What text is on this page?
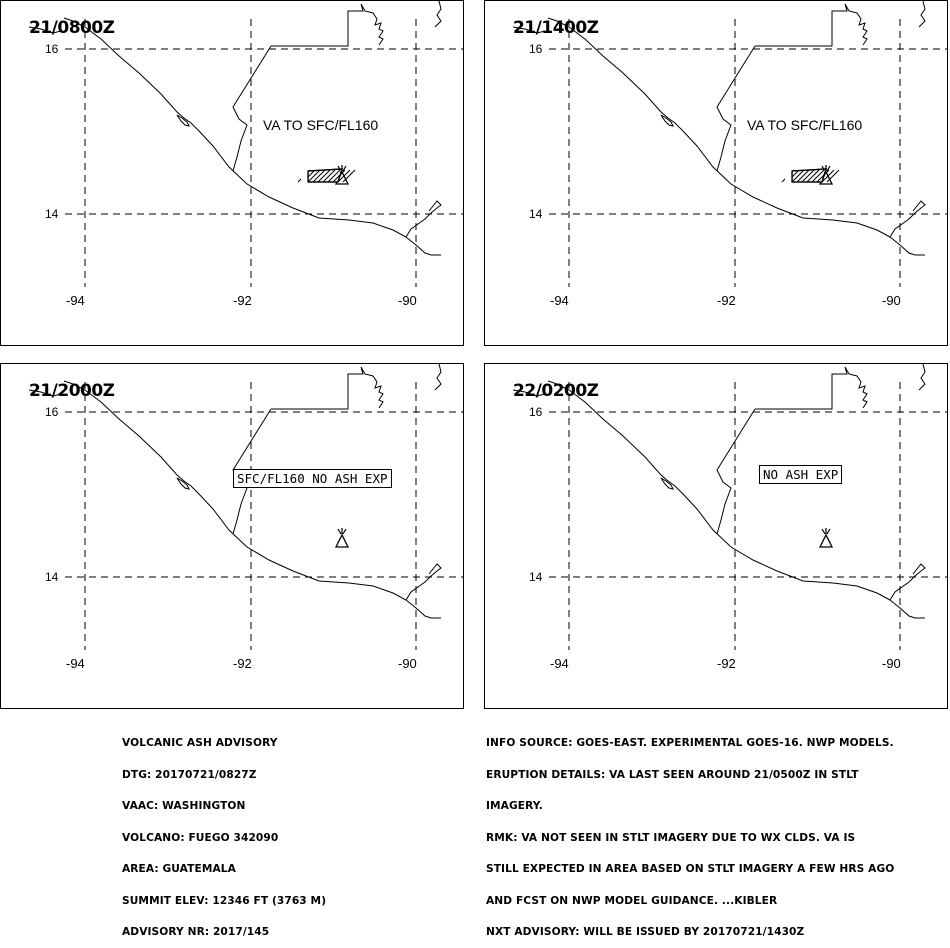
21/0800Z
16
14
-94	-92	-90
VA TO SFC/FL160
21/1400Z
16
14
-94	-92	-90
VA TO SFC/FL160
21/2000Z
16
14
-94	-92	-90
SFC/FL160 NO ASH EXP
22/0200Z
16
14
-94	-92	-90
NO ASH EXP

VOLCANIC ASH ADVISORY

DTG: 20170721/0827Z

VAAC: WASHINGTON

VOLCANO: FUEGO 342090

AREA: GUATEMALA

SUMMIT ELEV: 12346 FT (3763 M)

ADVISORY NR: 2017/145

INFO SOURCE: GOES-EAST. EXPERIMENTAL GOES-16. NWP MODELS.

ERUPTION DETAILS: VA LAST SEEN AROUND 21/0500Z IN STLT

IMAGERY.

RMK: VA NOT SEEN IN STLT IMAGERY DUE TO WX CLDS. VA IS

STILL EXPECTED IN AREA BASED ON STLT IMAGERY A FEW HRS AGO

AND FCST ON NWP MODEL GUIDANCE. ...KIBLER

NXT ADVISORY: WILL BE ISSUED BY 20170721/1430Z
